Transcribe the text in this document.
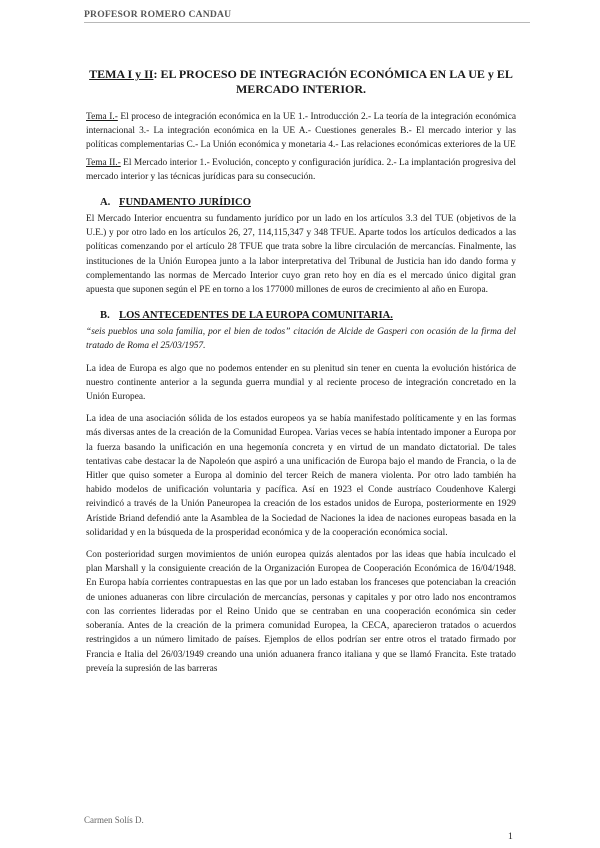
PROFESOR ROMERO CANDAU
TEMA I y II: EL PROCESO DE INTEGRACIÓN ECONÓMICA EN LA UE y EL MERCADO INTERIOR.

Tema I.- El proceso de integración económica en la UE 1.- Introducción 2.- La teoría de la integración económica internacional 3.- La integración económica en la UE A.- Cuestiones generales B.- El mercado interior y las políticas complementarias C.- La Unión económica y monetaria 4.- Las relaciones económicas exteriores de la UE

Tema II.- El Mercado interior 1.- Evolución, concepto y configuración jurídica. 2.- La implantación progresiva del mercado interior y las técnicas jurídicas para su consecución.

A. FUNDAMENTO JURÍDICO

El Mercado Interior encuentra su fundamento jurídico por un lado en los artículos 3.3 del TUE (objetivos de la U.E.) y por otro lado en los artículos 26, 27, 114,115,347 y 348 TFUE. Aparte todos los artículos dedicados a las políticas comenzando por el artículo 28 TFUE que trata sobre la libre circulación de mercancías. Finalmente, las instituciones de la Unión Europea junto a la labor interpretativa del Tribunal de Justicia han ido dando forma y complementando las normas de Mercado Interior cuyo gran reto hoy en día es el mercado único digital gran apuesta que suponen según el PE en torno a los 177000 millones de euros de crecimiento al año en Europa.

B. LOS ANTECEDENTES DE LA EUROPA COMUNITARIA.

“seis pueblos una sola familia, por el bien de todos” citación de Alcide de Gasperi con ocasión de la firma del tratado de Roma el 25/03/1957.

La idea de Europa es algo que no podemos entender en su plenitud sin tener en cuenta la evolución histórica de nuestro continente anterior a la segunda guerra mundial y al reciente proceso de integración concretado en la Unión Europea.

La idea de una asociación sólida de los estados europeos ya se había manifestado políticamente y en las formas más diversas antes de la creación de la Comunidad Europea. Varias veces se había intentado imponer a Europa por la fuerza basando la unificación en una hegemonía concreta y en virtud de un mandato dictatorial. De tales tentativas cabe destacar la de Napoleón que aspiró a una unificación de Europa bajo el mando de Francia, o la de Hitler que quiso someter a Europa al dominio del tercer Reich de manera violenta. Por otro lado también ha habido modelos de unificación voluntaria y pacífica. Así en 1923 el Conde austríaco Coudenhove Kalergi reivindicó a través de la Unión Paneuropea la creación de los estados unidos de Europa, posteriormente en 1929 Arístide Briand defendió ante la Asamblea de la Sociedad de Naciones la idea de naciones europeas basada en la solidaridad y en la búsqueda de la prosperidad económica y de la cooperación económica social.

Con posterioridad surgen movimientos de unión europea quizás alentados por las ideas que había inculcado el plan Marshall y la consiguiente creación de la Organización Europea de Cooperación Económica de 16/04/1948. En Europa había corrientes contrapuestas en las que por un lado estaban los franceses que potenciaban la creación de uniones aduaneras con libre circulación de mercancías, personas y capitales y por otro lado nos encontramos con las corrientes lideradas por el Reino Unido que se centraban en una cooperación económica sin ceder soberanía. Antes de la creación de la primera comunidad Europea, la CECA, aparecieron tratados o acuerdos restringidos a un número limitado de países. Ejemplos de ellos podrían ser entre otros el tratado firmado por Francia e Italia del 26/03/1949 creando una unión aduanera franco italiana y que se llamó Francita. Este tratado preveía la supresión de las barreras

Carmen Solís D.
1
